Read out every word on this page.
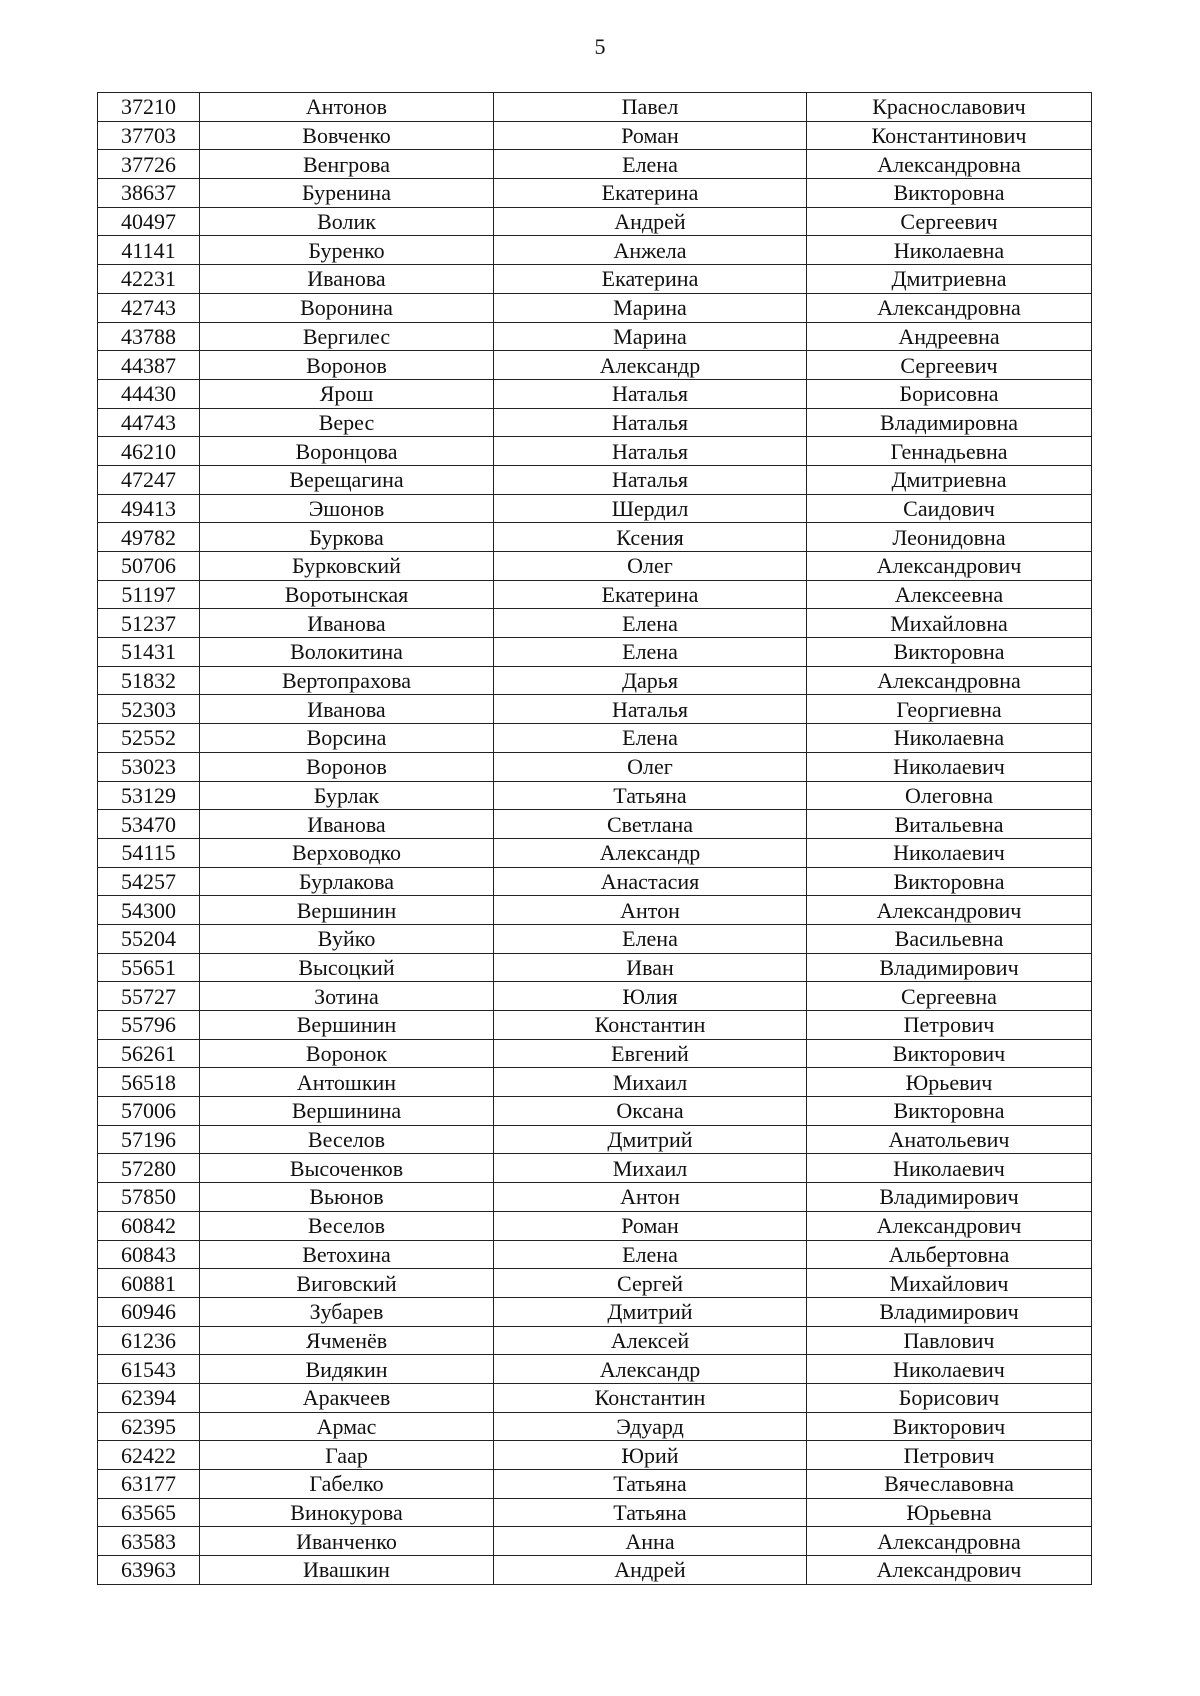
5
37210	Антонов	Павел	Краснославович
37703	Вовченко	Роман	Константинович
37726	Венгрова	Елена	Александровна
38637	Буренина	Екатерина	Викторовна
40497	Волик	Андрей	Сергеевич
41141	Буренко	Анжела	Николаевна
42231	Иванова	Екатерина	Дмитриевна
42743	Воронина	Марина	Александровна
43788	Вергилес	Марина	Андреевна
44387	Воронов	Александр	Сергеевич
44430	Ярош	Наталья	Борисовна
44743	Верес	Наталья	Владимировна
46210	Воронцова	Наталья	Геннадьевна
47247	Верещагина	Наталья	Дмитриевна
49413	Эшонов	Шердил	Саидович
49782	Буркова	Ксения	Леонидовна
50706	Бурковский	Олег	Александрович
51197	Воротынская	Екатерина	Алексеевна
51237	Иванова	Елена	Михайловна
51431	Волокитина	Елена	Викторовна
51832	Вертопрахова	Дарья	Александровна
52303	Иванова	Наталья	Георгиевна
52552	Ворсина	Елена	Николаевна
53023	Воронов	Олег	Николаевич
53129	Бурлак	Татьяна	Олеговна
53470	Иванова	Светлана	Витальевна
54115	Верховодко	Александр	Николаевич
54257	Бурлакова	Анастасия	Викторовна
54300	Вершинин	Антон	Александрович
55204	Вуйко	Елена	Васильевна
55651	Высоцкий	Иван	Владимирович
55727	Зотина	Юлия	Сергеевна
55796	Вершинин	Константин	Петрович
56261	Воронок	Евгений	Викторович
56518	Антошкин	Михаил	Юрьевич
57006	Вершинина	Оксана	Викторовна
57196	Веселов	Дмитрий	Анатольевич
57280	Высоченков	Михаил	Николаевич
57850	Вьюнов	Антон	Владимирович
60842	Веселов	Роман	Александрович
60843	Ветохина	Елена	Альбертовна
60881	Виговский	Сергей	Михайлович
60946	Зубарев	Дмитрий	Владимирович
61236	Ячменёв	Алексей	Павлович
61543	Видякин	Александр	Николаевич
62394	Аракчеев	Константин	Борисович
62395	Армас	Эдуард	Викторович
62422	Гаар	Юрий	Петрович
63177	Габелко	Татьяна	Вячеславовна
63565	Винокурова	Татьяна	Юрьевна
63583	Иванченко	Анна	Александровна
63963	Ивашкин	Андрей	Александрович
